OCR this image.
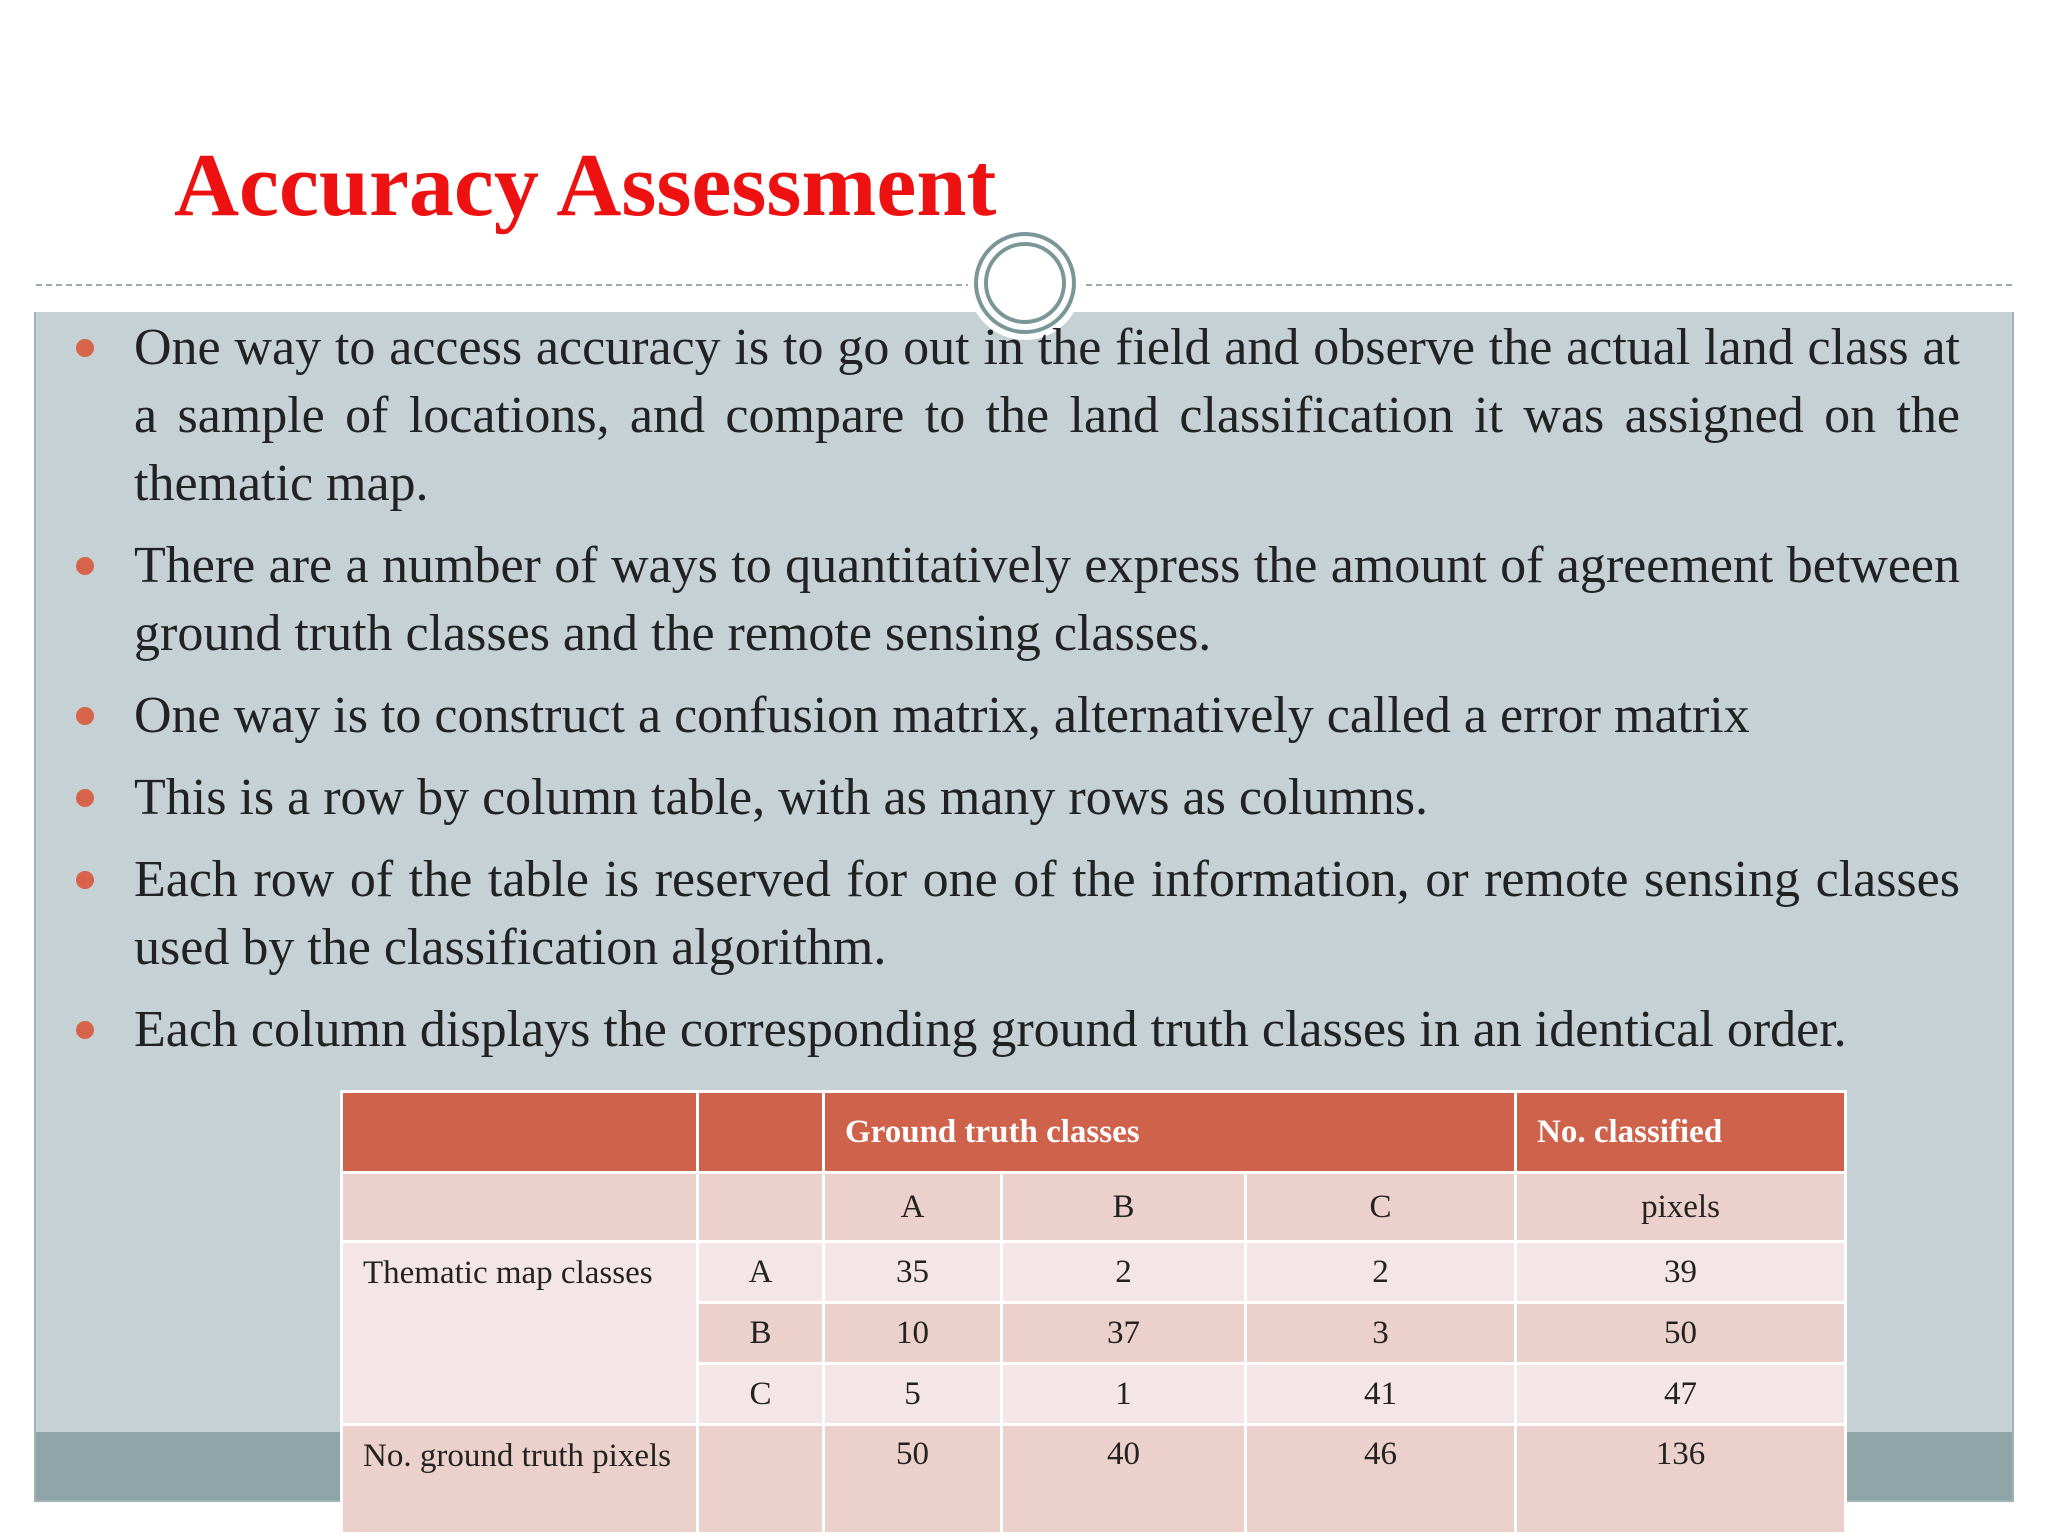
Accuracy Assessment
One way to access accuracy is to go out in the field and observe the actual land class at a sample of locations, and compare to the land classification it was assigned on the thematic map.
There are a number of ways to quantitatively express the amount of agreement between ground truth classes and the remote sensing classes.
One way is to construct a confusion matrix, alternatively called a error matrix
This is a row by column table, with as many rows as columns.
Each row of the table is reserved for one of the information, or remote sensing classes used by the classification algorithm.
Each column displays the corresponding ground truth classes in an identical order.
		Ground truth classes			No. classified
		A	B	C	pixels
Thematic map classes	A	35	2	2	39
	B	10	37	3	50
	C	5	1	41	47
No. ground truth pixels		50	40	46	136
